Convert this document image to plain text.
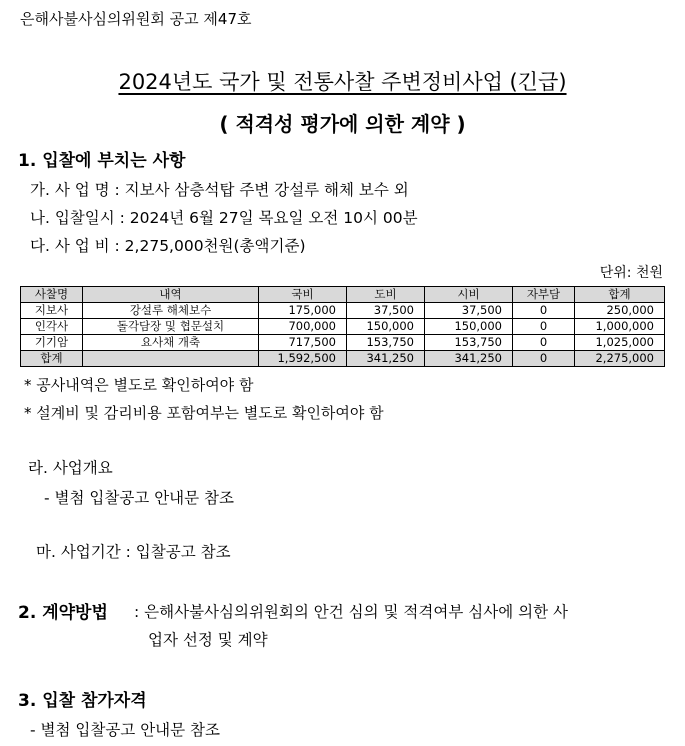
은해사불사심의위원회 공고 제47호
2024년도 국가 및 전통사찰 주변정비사업 (긴급)
( 적격성 평가에 의한 계약 )
1. 입찰에 부치는 사항
가. 사 업 명 : 지보사 삼층석탑 주변 강설루 해체 보수 외
나. 입찰일시 : 2024년 6월 27일 목요일 오전 10시 00분
다. 사 업 비 : 2,275,000천원(총액기준)
단위: 천원
사찰명	내역	국비	도비	시비	자부담	합계
지보사	강설루 해체보수	175,000	37,500	37,500	0	250,000
인각사	돌각담장 및 협문설치	700,000	150,000	150,000	0	1,000,000
기기암	요사채 개축	717,500	153,750	153,750	0	1,025,000
합계		1,592,500	341,250	341,250	0	2,275,000
* 공사내역은 별도로 확인하여야 함
* 설계비 및 감리비용 포함여부는 별도로 확인하여야 함
라. 사업개요
- 별첨 입찰공고 안내문 참조
마. 사업기간 : 입찰공고 참조
2. 계약방법 : 은해사불사심의위원회의 안건 심의 및 적격여부 심사에 의한 사
업자 선정 및 계약
3. 입찰 참가자격
- 별첨 입찰공고 안내문 참조
